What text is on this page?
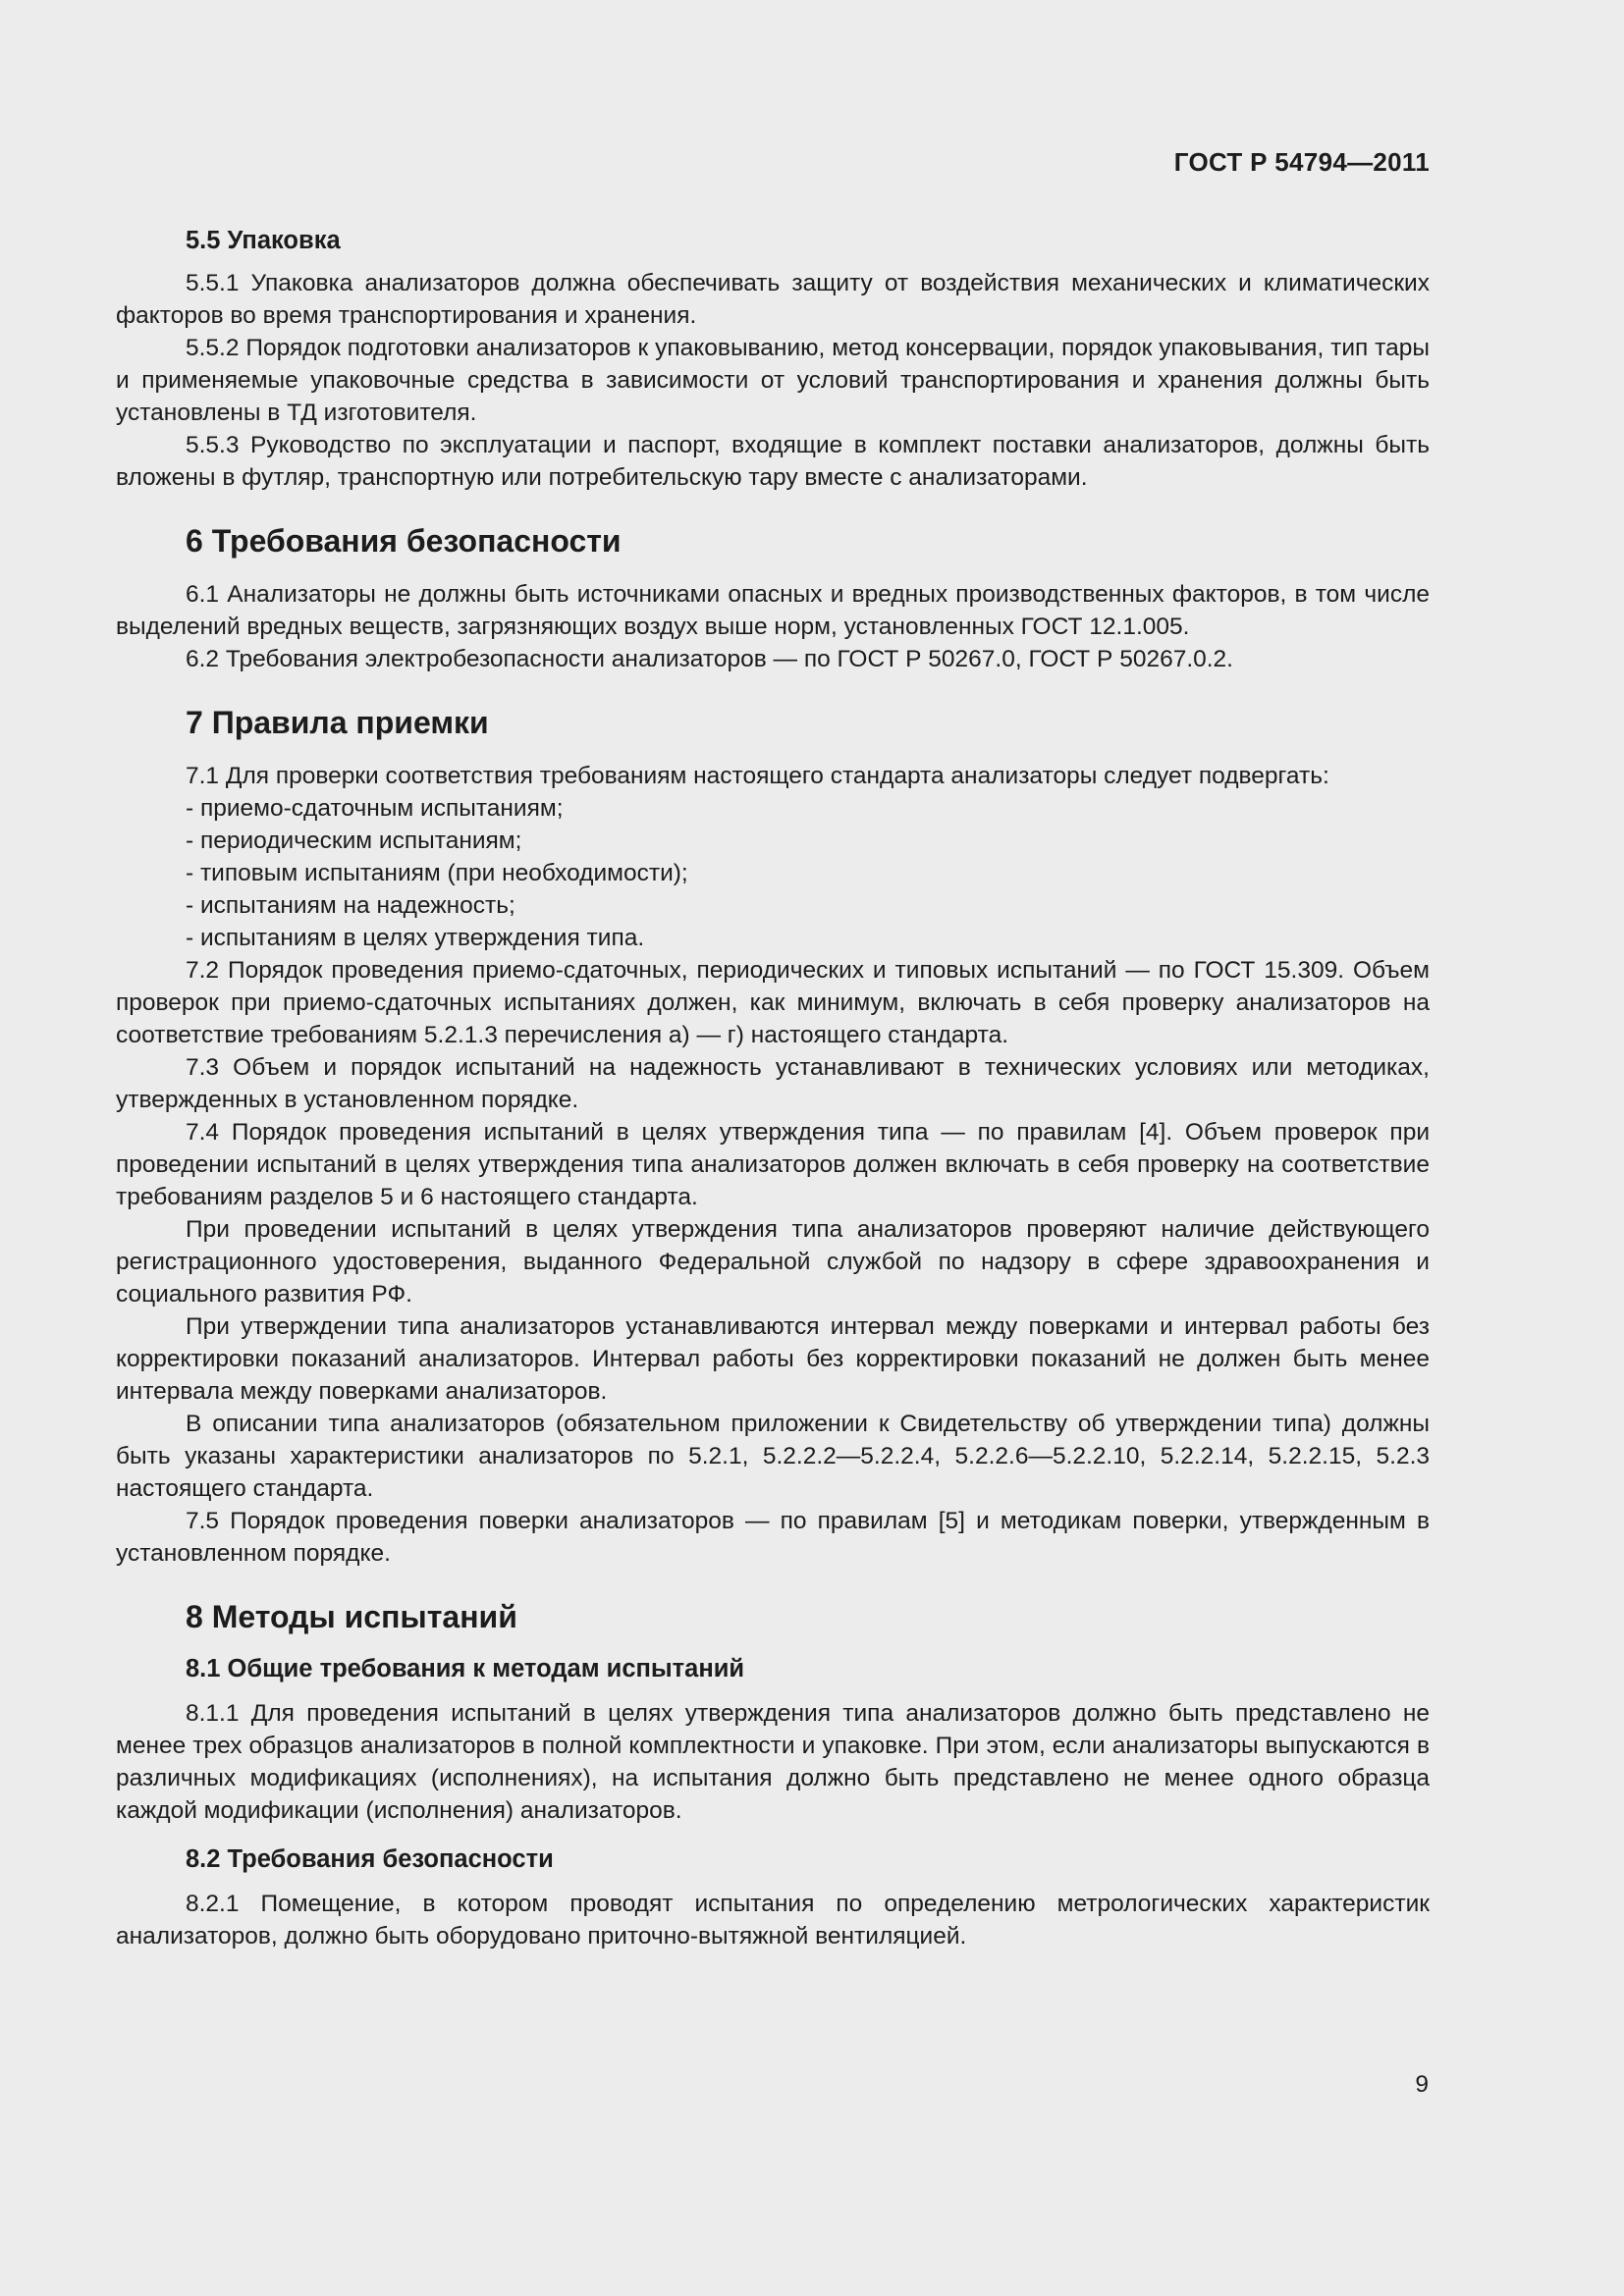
ГОСТ Р 54794—2011

5.5 Упаковка

5.5.1 Упаковка анализаторов должна обеспечивать защиту от воздействия механических и климатических факторов во время транспортирования и хранения.

5.5.2 Порядок подготовки анализаторов к упаковыванию, метод консервации, порядок упаковывания, тип тары и применяемые упаковочные средства в зависимости от условий транспортирования и хранения должны быть установлены в ТД изготовителя.

5.5.3 Руководство по эксплуатации и паспорт, входящие в комплект поставки анализаторов, должны быть вложены в футляр, транспортную или потребительскую тару вместе с анализаторами.

6 Требования безопасности

6.1 Анализаторы не должны быть источниками опасных и вредных производственных факторов, в том числе выделений вредных веществ, загрязняющих воздух выше норм, установленных ГОСТ 12.1.005.

6.2 Требования электробезопасности анализаторов — по ГОСТ Р 50267.0, ГОСТ Р 50267.0.2.

7 Правила приемки

7.1 Для проверки соответствия требованиям настоящего стандарта анализаторы следует подвергать:

- приемо-сдаточным испытаниям;

- периодическим испытаниям;

- типовым испытаниям (при необходимости);

- испытаниям на надежность;

- испытаниям в целях утверждения типа.

7.2 Порядок проведения приемо-сдаточных, периодических и типовых испытаний — по ГОСТ 15.309. Объем проверок при приемо-сдаточных испытаниях должен, как минимум, включать в себя проверку анализаторов на соответствие требованиям 5.2.1.3 перечисления а) — г) настоящего стандарта.

7.3 Объем и порядок испытаний на надежность устанавливают в технических условиях или методиках, утвержденных в установленном порядке.

7.4 Порядок проведения испытаний в целях утверждения типа — по правилам [4]. Объем проверок при проведении испытаний в целях утверждения типа анализаторов должен включать в себя проверку на соответствие требованиям разделов 5 и 6 настоящего стандарта.

При проведении испытаний в целях утверждения типа анализаторов проверяют наличие действующего регистрационного удостоверения, выданного Федеральной службой по надзору в сфере здравоохранения и социального развития РФ.

При утверждении типа анализаторов устанавливаются интервал между поверками и интервал работы без корректировки показаний анализаторов. Интервал работы без корректировки показаний не должен быть менее интервала между поверками анализаторов.

В описании типа анализаторов (обязательном приложении к Свидетельству об утверждении типа) должны быть указаны характеристики анализаторов по 5.2.1, 5.2.2.2—5.2.2.4, 5.2.2.6—5.2.2.10, 5.2.2.14, 5.2.2.15, 5.2.3 настоящего стандарта.

7.5 Порядок проведения поверки анализаторов — по правилам [5] и методикам поверки, утвержденным в установленном порядке.

8 Методы испытаний

8.1 Общие требования к методам испытаний

8.1.1 Для проведения испытаний в целях утверждения типа анализаторов должно быть представлено не менее трех образцов анализаторов в полной комплектности и упаковке. При этом, если анализаторы выпускаются в различных модификациях (исполнениях), на испытания должно быть представлено не менее одного образца каждой модификации (исполнения) анализаторов.

8.2 Требования безопасности

8.2.1 Помещение, в котором проводят испытания по определению метрологических характеристик анализаторов, должно быть оборудовано приточно-вытяжной вентиляцией.

9
